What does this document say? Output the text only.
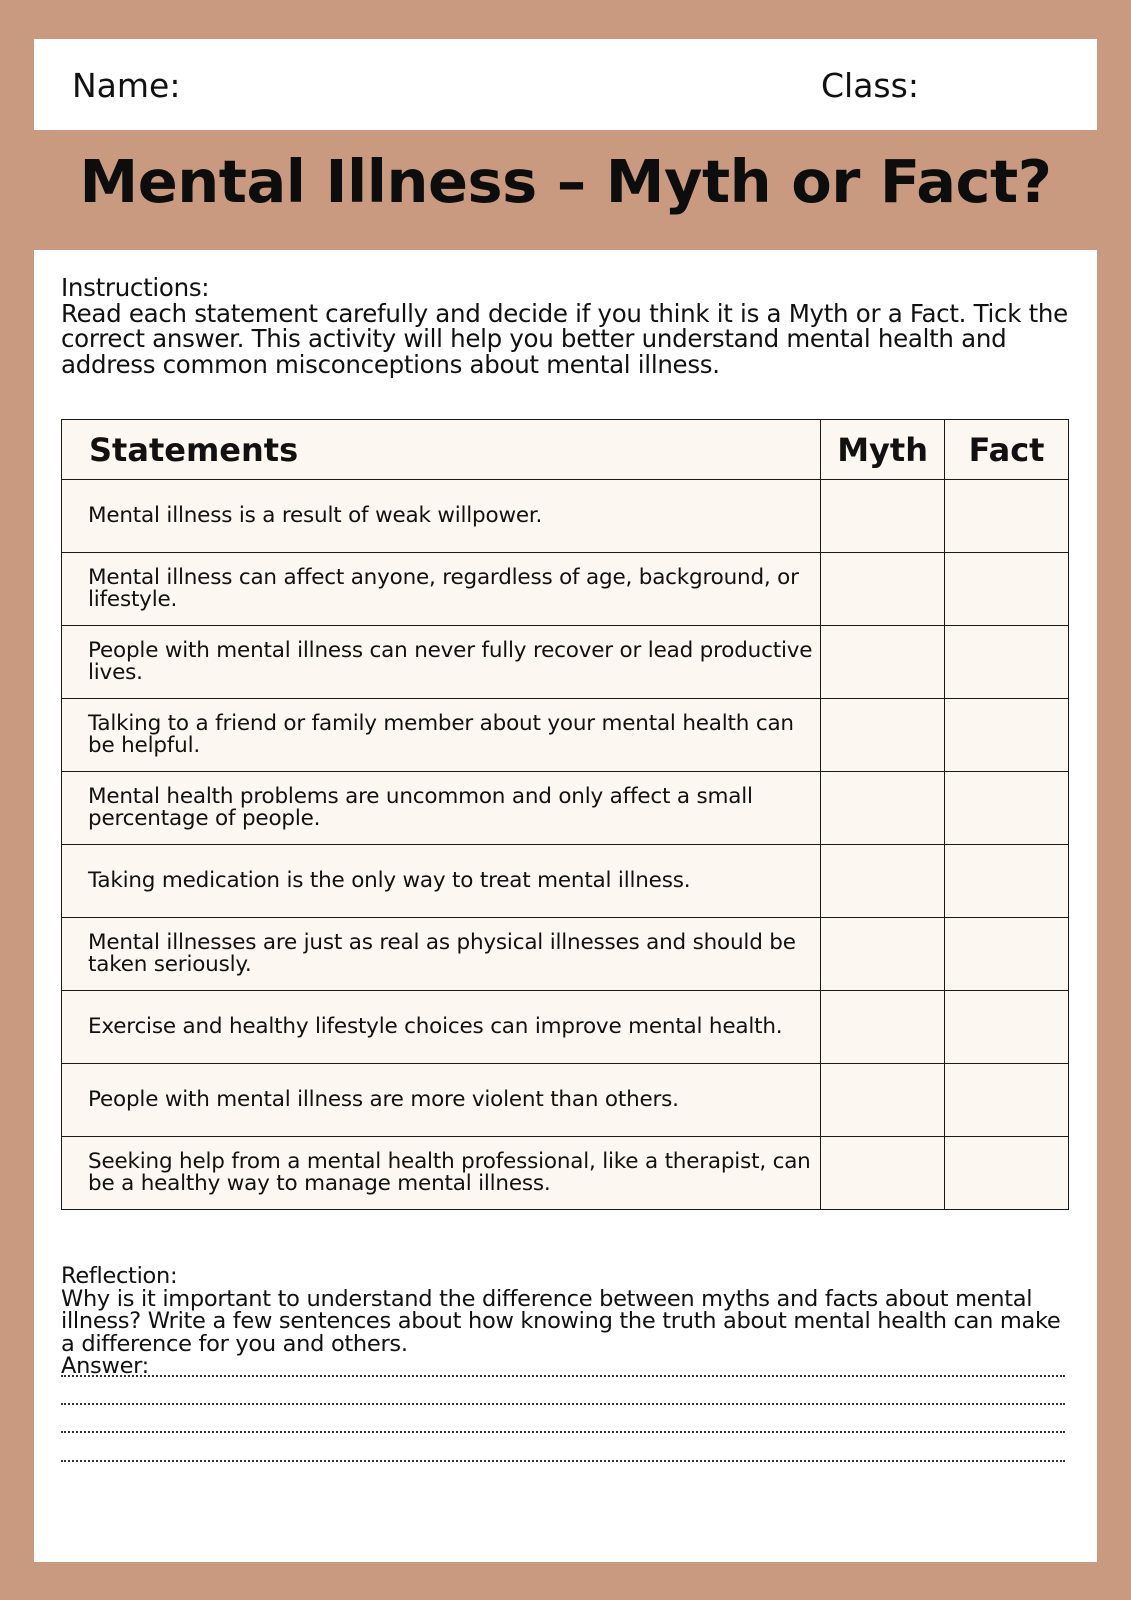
Name:	Class:
Mental Illness – Myth or Fact?

Instructions:

Read each statement carefully and decide if you think it is a Myth or a Fact. Tick the correct answer. This activity will help you better understand mental health and address common misconceptions about mental illness.

Statements	Myth	Fact
Mental illness is a result of weak willpower.		
Mental illness can affect anyone, regardless of age, background, or lifestyle.		
People with mental illness can never fully recover or lead productive lives.		
Talking to a friend or family member about your mental health can be helpful.		
Mental health problems are uncommon and only affect a small percentage of people.		
Taking medication is the only way to treat mental illness.		
Mental illnesses are just as real as physical illnesses and should be taken seriously.		
Exercise and healthy lifestyle choices can improve mental health.		
People with mental illness are more violent than others.		
Seeking help from a mental health professional, like a therapist, can be a healthy way to manage mental illness.		

Reflection:

Why is it important to understand the difference between myths and facts about mental illness? Write a few sentences about how knowing the truth about mental health can make a difference for you and others.

Answer:
